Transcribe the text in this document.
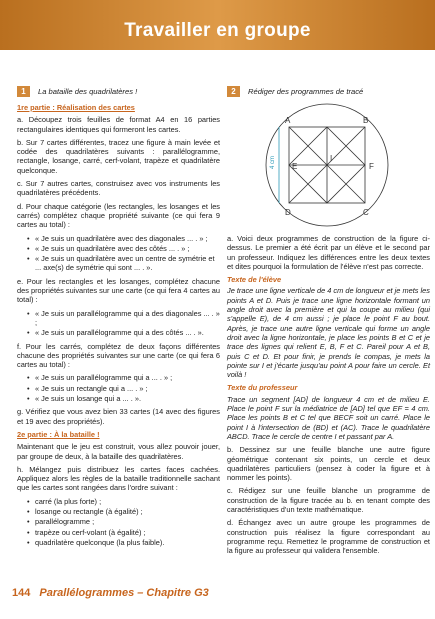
Travailler en groupe
1	La bataille des quadrilatères !
1re partie : Réalisation des cartes

a. Découpez trois feuilles de format A4 en 16 parties rectangulaires identiques qui formeront les cartes.

b. Sur 7 cartes différentes, tracez une figure à main levée et codée des quadrilatères suivants : parallélogramme, rectangle, losange, carré, cerf-volant, trapèze et quadrilatère quelconque.

c. Sur 7 autres cartes, construisez avec vos instruments les quadrilatères précédents.

d. Pour chaque catégorie (les rectangles, les losanges et les carrés) complétez chaque propriété suivante (ce qui fera 9 cartes au total) :

• « Je suis un quadrilatère avec des diagonales ... . » ;
• « Je suis un quadrilatère avec des côtés ... . » ;
• « Je suis un quadrilatère avec un centre de symétrie et ... axe(s) de symétrie qui sont ... . ».

e. Pour les rectangles et les losanges, complétez chacune des propriétés suivantes sur une carte (ce qui fera 4 cartes au total) :

• « Je suis un parallélogramme qui a des diagonales ... . » ;
• « Je suis un parallélogramme qui a des côtés ... . ».

f. Pour les carrés, complétez de deux façons différentes chacune des propriétés suivantes sur une carte (ce qui fera 6 cartes au total) :

• « Je suis un parallélogramme qui a ... . » ;
• « Je suis un rectangle qui a ... . » ;
• « Je suis un losange qui a ... . ».

g. Vérifiez que vous avez bien 33 cartes (14 avec des figures et 19 avec des propriétés).

2e partie : À la bataille !

Maintenant que le jeu est construit, vous allez pouvoir jouer, par groupe de deux, à la bataille des quadrilatères.

h. Mélangez puis distribuez les cartes faces cachées. Appliquez alors les règles de la bataille traditionnelle sachant que les cartes sont rangées dans l'ordre suivant :

• carré (la plus forte) ;
• losange ou rectangle (à égalité) ;
• parallélogramme ;
• trapèze ou cerf-volant (à égalité) ;
• quadrilatère quelconque (la plus faible).
2	Rédiger des programmes de tracé
4 cm
A	B
C
D
E	F
I

a. Voici deux programmes de construction de la figure ci-dessus. Le premier a été écrit par un élève et le second par un professeur. Indiquez les différences entre les deux textes et dites pourquoi la formulation de l'élève n'est pas correcte.

Texte de l'élève

Je trace une ligne verticale de 4 cm de longueur et je mets les points A et D. Puis je trace une ligne horizontale formant un angle droit avec la première et qui la coupe au milieu (qui s'appelle E), de 4 cm aussi ; je place le point F au bout. Après, je trace une autre ligne verticale qui forme un angle droit avec la ligne horizontale, je place les points B et C et je trace des lignes qui relient E, B, F et C. Pareil pour A et B, puis C et D. Et pour finir, je prends le compas, je mets la pointe sur I et j'écarte jusqu'au point A pour faire un cercle. Et voilà !

Texte du professeur

Trace un segment [AD] de longueur 4 cm et de milieu E. Place le point F sur la médiatrice de [AD] tel que EF = 4 cm. Place les points B et C tel que BECF soit un carré. Place le point I à l'intersection de (BD) et (AC). Trace le quadrilatère ABCD. Trace le cercle de centre I et passant par A.

b. Dessinez sur une feuille blanche une autre figure géométrique contenant six points, un cercle et deux quadrilatères particuliers (pensez à coder la figure et à nommer les points).

c. Rédigez sur une feuille blanche un programme de construction de la figure tracée au b. en tenant compte des caractéristiques d'un texte mathématique.

d. Échangez avec un autre groupe les programmes de construction puis réalisez la figure correspondant au programme reçu. Remettez le programme de construction et la figure au professeur qui validera l'ensemble.

144 Parallélogrammes – Chapitre G3
